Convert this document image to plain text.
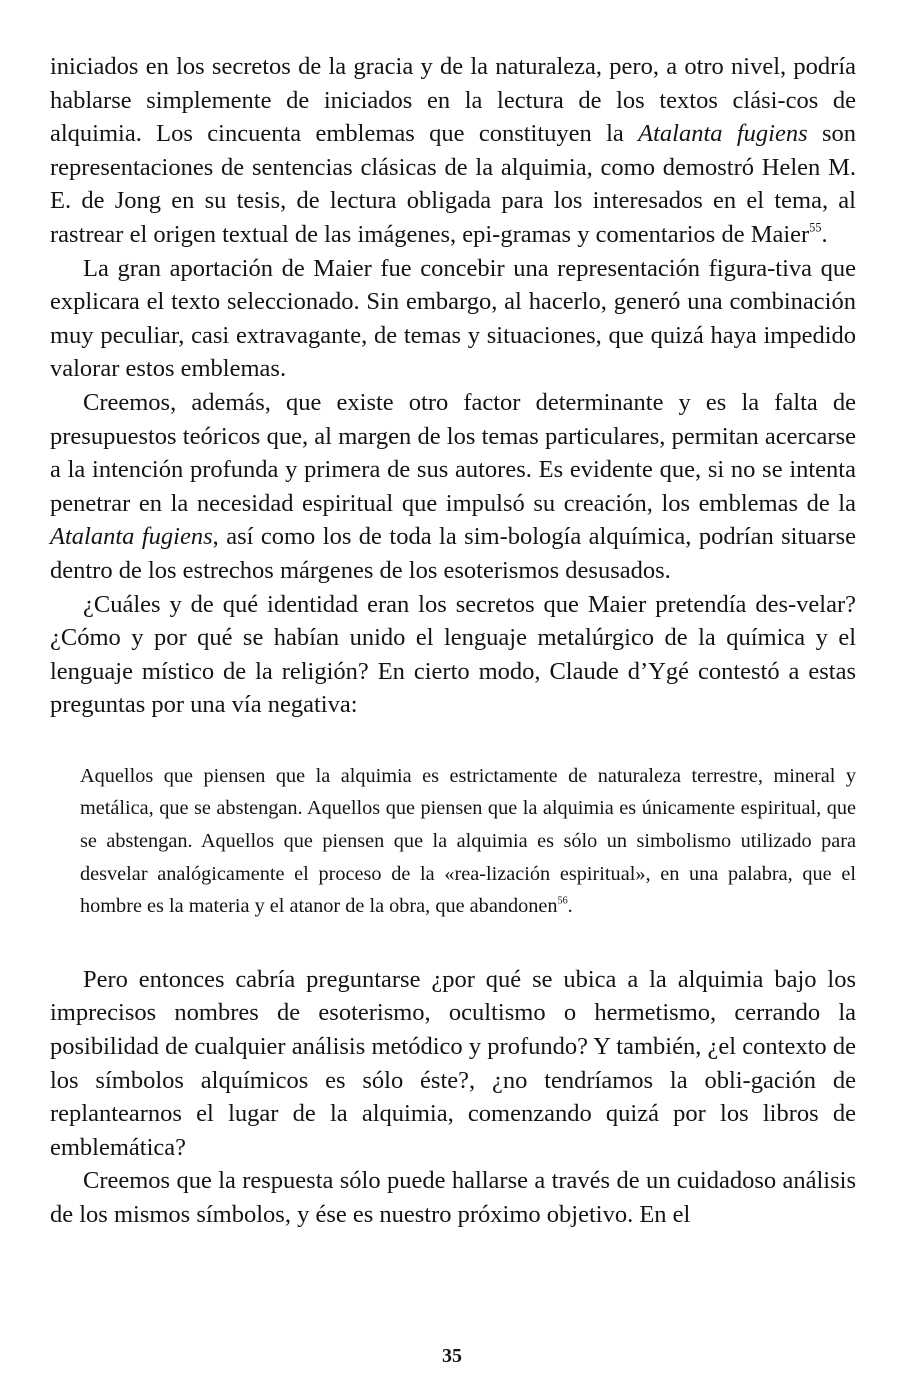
iniciados en los secretos de la gracia y de la naturaleza, pero, a otro nivel, podría hablarse simplemente de iniciados en la lectura de los textos clási-cos de alquimia. Los cincuenta emblemas que constituyen la Atalanta fugiens son representaciones de sentencias clásicas de la alquimia, como demostró Helen M. E. de Jong en su tesis, de lectura obligada para los interesados en el tema, al rastrear el origen textual de las imágenes, epi-gramas y comentarios de Maier$^{55}$.

La gran aportación de Maier fue concebir una representación figura-tiva que explicara el texto seleccionado. Sin embargo, al hacerlo, generó una combinación muy peculiar, casi extravagante, de temas y situaciones, que quizá haya impedido valorar estos emblemas.

Creemos, además, que existe otro factor determinante y es la falta de presupuestos teóricos que, al margen de los temas particulares, permitan acercarse a la intención profunda y primera de sus autores. Es evidente que, si no se intenta penetrar en la necesidad espiritual que impulsó su creación, los emblemas de la Atalanta fugiens, así como los de toda la sim-bología alquímica, podrían situarse dentro de los estrechos márgenes de los esoterismos desusados.

¿Cuáles y de qué identidad eran los secretos que Maier pretendía des-velar? ¿Cómo y por qué se habían unido el lenguaje metalúrgico de la química y el lenguaje místico de la religión? En cierto modo, Claude d’Ygé contestó a estas preguntas por una vía negativa:

Aquellos que piensen que la alquimia es estrictamente de naturaleza terrestre, mineral y metálica, que se abstengan. Aquellos que piensen que la alquimia es únicamente espiritual, que se abstengan. Aquellos que piensen que la alquimia es sólo un simbolismo utilizado para desvelar analógicamente el proceso de la «rea-lización espiritual», en una palabra, que el hombre es la materia y el atanor de la obra, que abandonen$^{56}$.

Pero entonces cabría preguntarse ¿por qué se ubica a la alquimia bajo los imprecisos nombres de esoterismo, ocultismo o hermetismo, cerrando la posibilidad de cualquier análisis metódico y profundo? Y también, ¿el contexto de los símbolos alquímicos es sólo éste?, ¿no tendríamos la obli-gación de replantearnos el lugar de la alquimia, comenzando quizá por los libros de emblemática?

Creemos que la respuesta sólo puede hallarse a través de un cuidadoso análisis de los mismos símbolos, y ése es nuestro próximo objetivo. En el

35
